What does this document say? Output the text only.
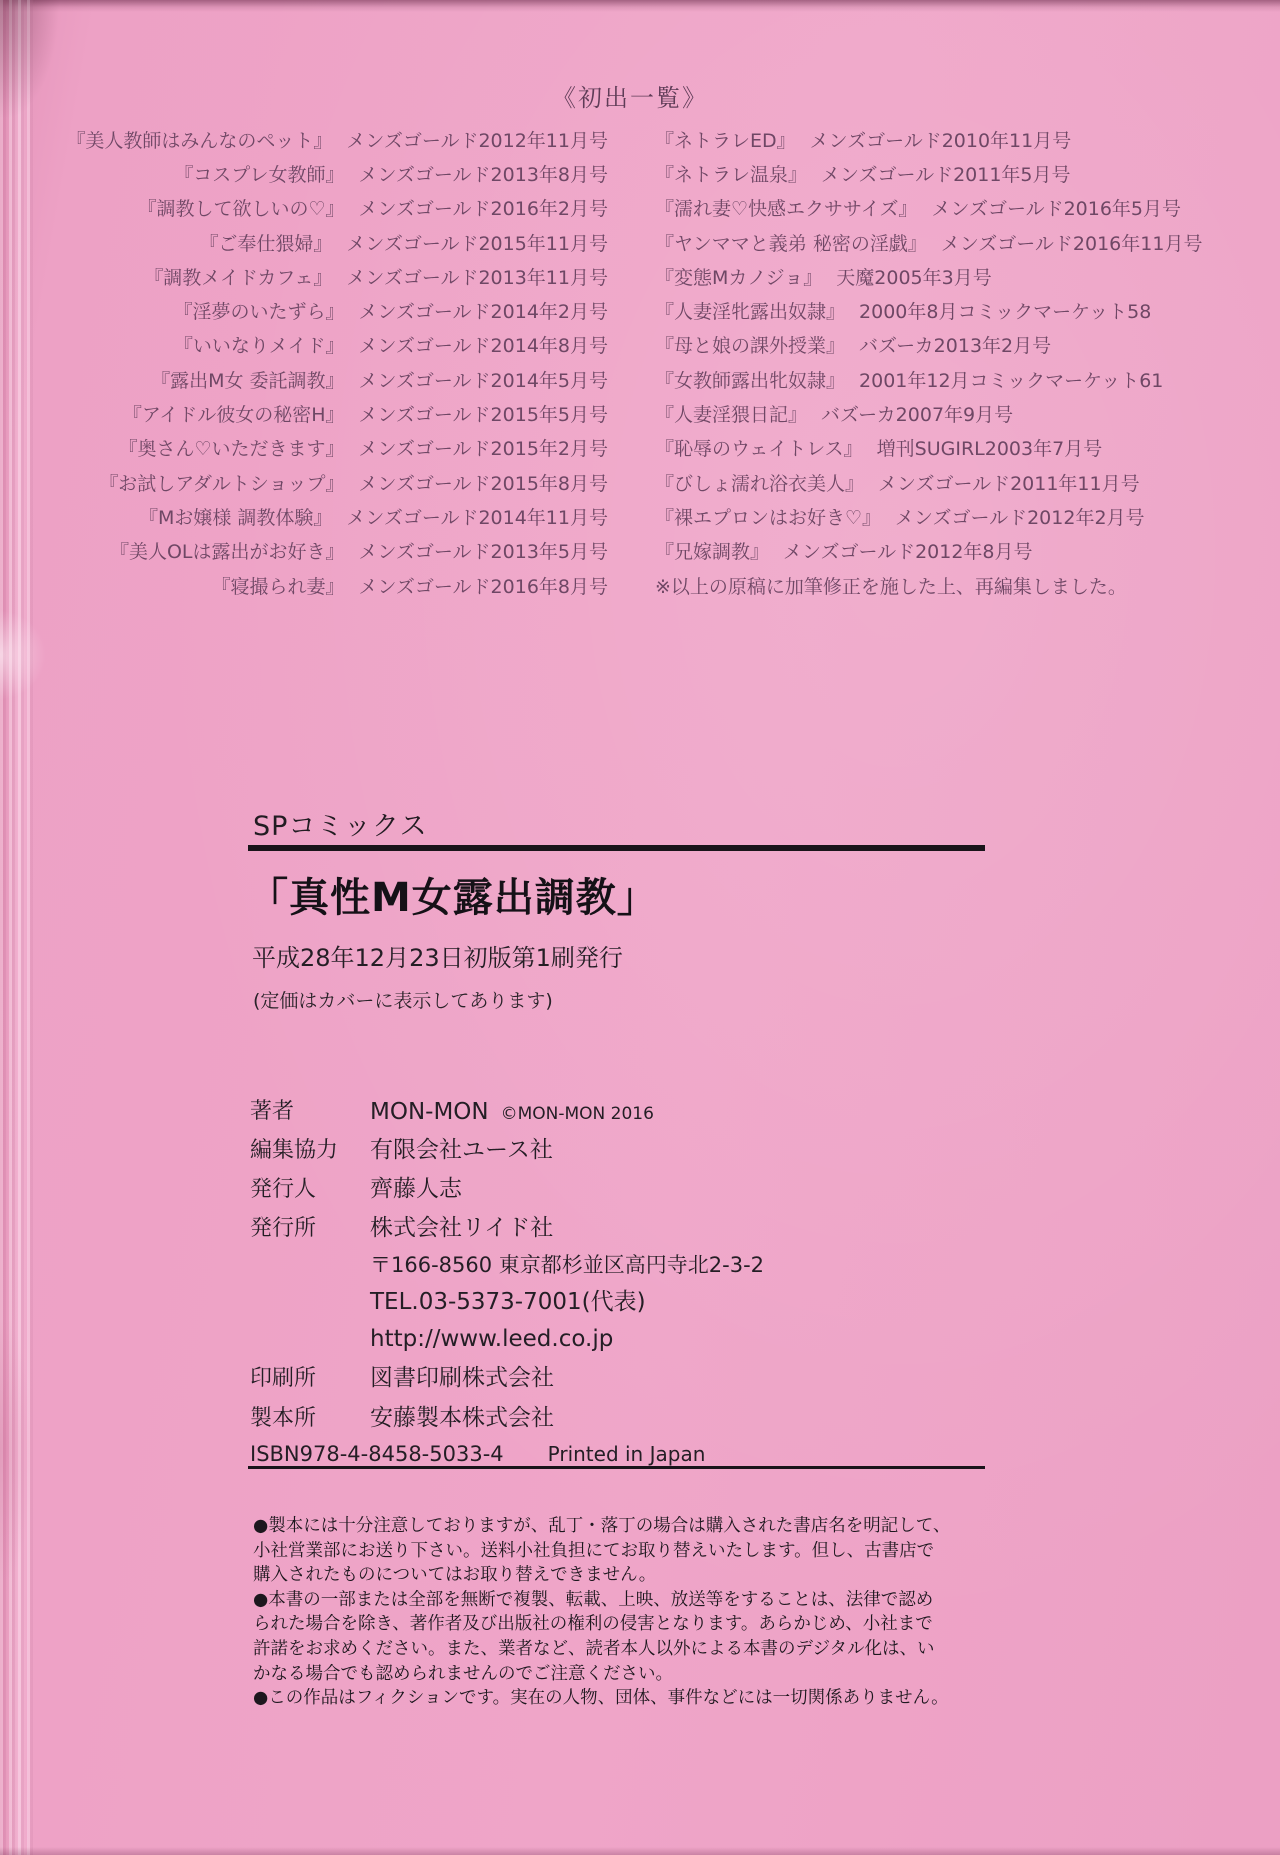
《初出一覧》
『美人教師はみんなのペット』 メンズゴールド2012年11月号
『コスプレ女教師』 メンズゴールド2013年8月号
『調教して欲しいの♡』 メンズゴールド2016年2月号
『ご奉仕猥婦』 メンズゴールド2015年11月号
『調教メイドカフェ』 メンズゴールド2013年11月号
『淫夢のいたずら』 メンズゴールド2014年2月号
『いいなりメイド』 メンズゴールド2014年8月号
『露出M女 委託調教』 メンズゴールド2014年5月号
『アイドル彼女の秘密H』 メンズゴールド2015年5月号
『奥さん♡いただきます』 メンズゴールド2015年2月号
『お試しアダルトショップ』 メンズゴールド2015年8月号
『Mお嬢様 調教体験』 メンズゴールド2014年11月号
『美人OLは露出がお好き』 メンズゴールド2013年5月号
『寝撮られ妻』 メンズゴールド2016年8月号
『ネトラレED』 メンズゴールド2010年11月号
『ネトラレ温泉』 メンズゴールド2011年5月号
『濡れ妻♡快感エクササイズ』 メンズゴールド2016年5月号
『ヤンママと義弟 秘密の淫戯』 メンズゴールド2016年11月号
『変態Mカノジョ』 天魔2005年3月号
『人妻淫牝露出奴隷』 2000年8月コミックマーケット58
『母と娘の課外授業』 バズーカ2013年2月号
『女教師露出牝奴隷』 2001年12月コミックマーケット61
『人妻淫猥日記』 バズーカ2007年9月号
『恥辱のウェイトレス』 増刊SUGIRL2003年7月号
『びしょ濡れ浴衣美人』 メンズゴールド2011年11月号
『裸エプロンはお好き♡』 メンズゴールド2012年2月号
『兄嫁調教』 メンズゴールド2012年8月号
※以上の原稿に加筆修正を施した上、再編集しました。
SPコミックス
「真性M女露出調教」
平成28年12月23日初版第1刷発行
(定価はカバーに表示してあります)
著者	MON-MON ©MON-MON 2016
編集協力	有限会社ユース社
発行人	齊藤人志
発行所	株式会社リイド社
〒166-8560 東京都杉並区高円寺北2-3-2
TEL.03-5373-7001(代表)
http://www.leed.co.jp
印刷所	図書印刷株式会社
製本所	安藤製本株式会社
ISBN978-4-8458-5033-4 Printed in Japan
●製本には十分注意しておりますが、乱丁・落丁の場合は購入された書店名を明記して、
小社営業部にお送り下さい。送料小社負担にてお取り替えいたします。但し、古書店で
購入されたものについてはお取り替えできません。
●本書の一部または全部を無断で複製、転載、上映、放送等をすることは、法律で認め
られた場合を除き、著作者及び出版社の権利の侵害となります。あらかじめ、小社まで
許諾をお求めください。また、業者など、読者本人以外による本書のデジタル化は、い
かなる場合でも認められませんのでご注意ください。
●この作品はフィクションです。実在の人物、団体、事件などには一切関係ありません。
